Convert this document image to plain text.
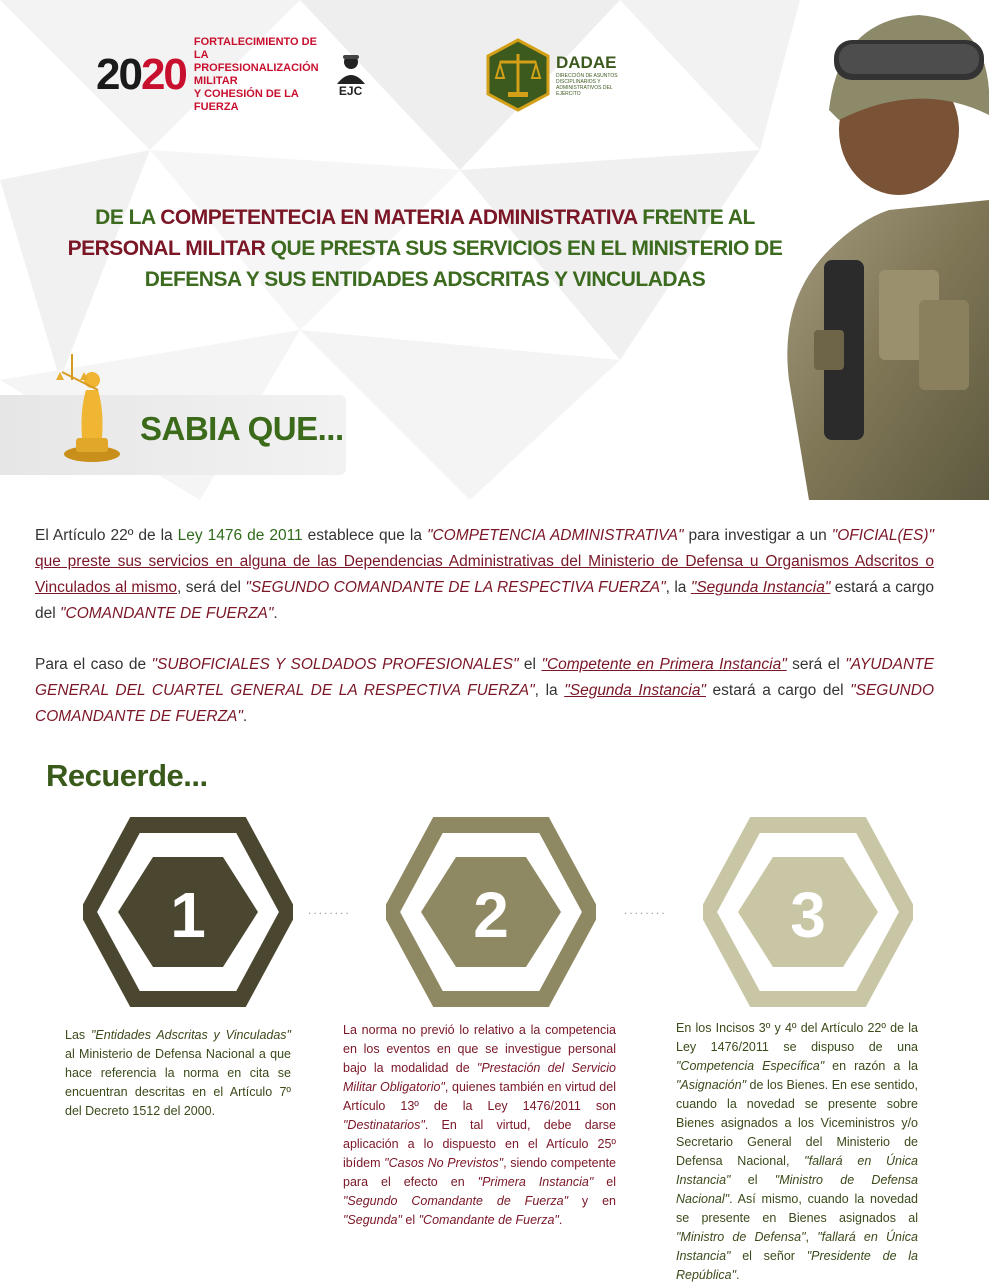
2020
FORTALECIMIENTO DE LA
PROFESIONALIZACIÓN MILITAR
Y COHESIÓN DE LA FUERZA
EJC
DADAE
DIRECCIÓN DE ASUNTOS DISCIPLINARIOS Y ADMINISTRATIVOS DEL EJÉRCITO
DE LA COMPETENTECIA EN MATERIA ADMINISTRATIVA FRENTE AL
PERSONAL MILITAR QUE PRESTA SUS SERVICIOS EN EL MINISTERIO DE
DEFENSA Y SUS ENTIDADES ADSCRITAS Y VINCULADAS
SABIA QUE...
El Artículo 22º de la Ley 1476 de 2011 establece que la "COMPETENCIA ADMINISTRATIVA" para investigar a un "OFICIAL(ES)" que preste sus servicios en alguna de las Dependencias Administrativas del Ministerio de Defensa u Organismos Adscritos o Vinculados al mismo, será del "SEGUNDO COMANDANTE DE LA RESPECTIVA FUERZA", la "Segunda Instancia" estará a cargo del "COMANDANTE DE FUERZA".
Para el caso de "SUBOFICIALES Y SOLDADOS PROFESIONALES" el "Competente en Primera Instancia" será el "AYUDANTE GENERAL DEL CUARTEL GENERAL DE LA RESPECTIVA FUERZA", la "Segunda Instancia" estará a cargo del "SEGUNDO COMANDANTE DE FUERZA".
Recuerde...
1	........ 2	........ 3
Las "Entidades Adscritas y Vinculadas" al Ministerio de Defensa Nacional a que hace referencia la norma en cita se encuentran descritas en el Artículo 7º del Decreto 1512 del 2000.
La norma no previó lo relativo a la competencia en los eventos en que se investigue personal bajo la modalidad de "Prestación del Servicio Militar Obligatorio", quienes también en virtud del Artículo 13º de la Ley 1476/2011 son "Destinatarios". En tal virtud, debe darse aplicación a lo dispuesto en el Artículo 25º ibídem "Casos No Previstos", siendo competente para el efecto en "Primera Instancia" el "Segundo Comandante de Fuerza" y en "Segunda" el "Comandante de Fuerza".
En los Incisos 3º y 4º del Artículo 22º de la Ley 1476/2011 se dispuso de una "Competencia Específica" en razón a la "Asignación" de los Bienes. En ese sentido, cuando la novedad se presente sobre Bienes asignados a los Viceministros y/o Secretario General del Ministerio de Defensa Nacional, "fallará en Única Instancia" el "Ministro de Defensa Nacional". Así mismo, cuando la novedad se presente en Bienes asignados al "Ministro de Defensa", "fallará en Única Instancia" el señor "Presidente de la República".
